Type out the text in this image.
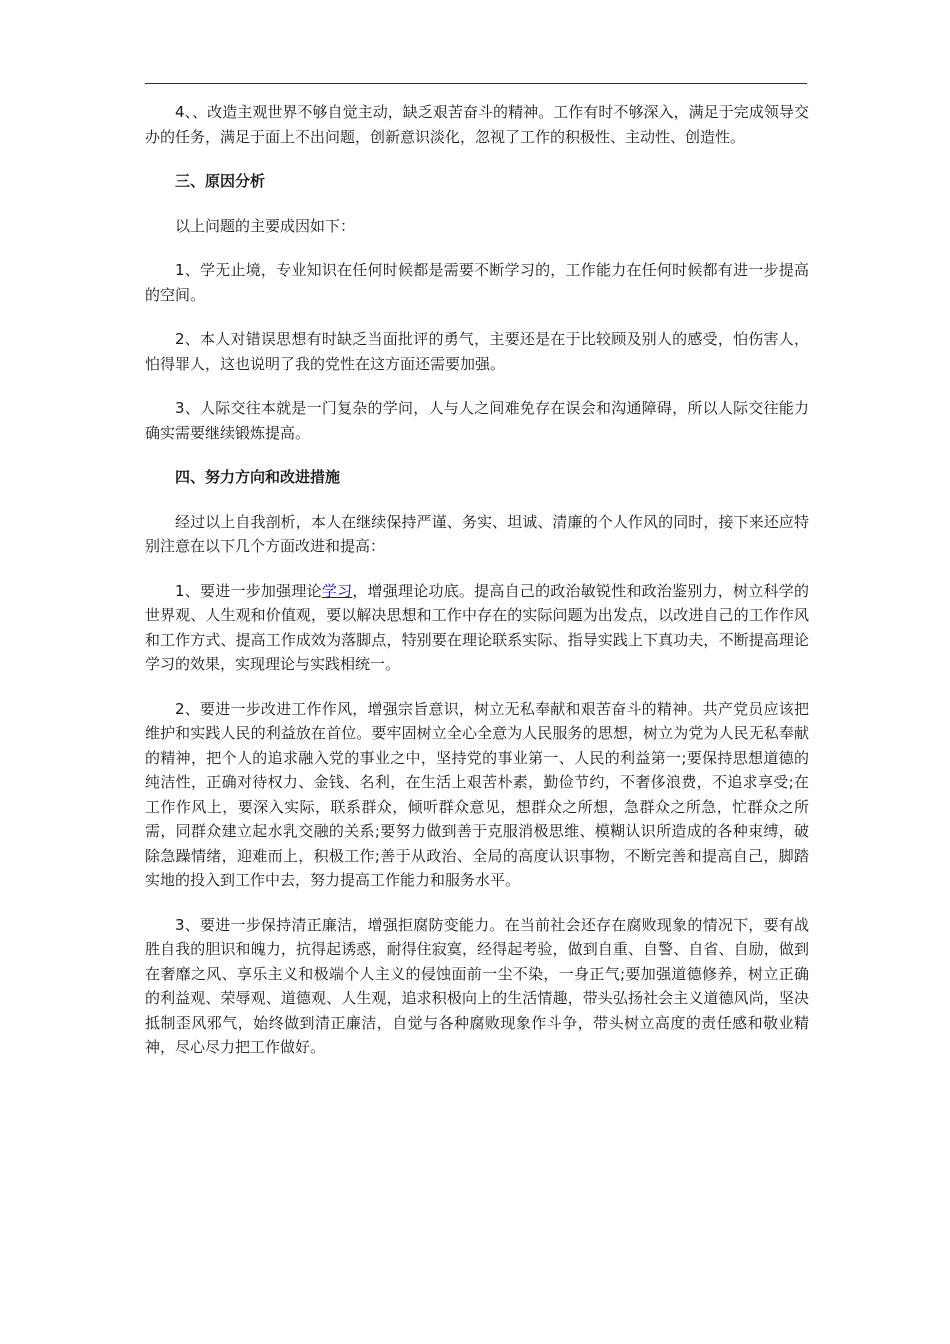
4、、改造主观世界不够自觉主动，缺乏艰苦奋斗的精神。工作有时不够深入，满足于完成领导交办的任务，满足于面上不出问题，创新意识淡化，忽视了工作的积极性、主动性、创造性。

三、原因分析

以上问题的主要成因如下：

1、学无止境，专业知识在任何时候都是需要不断学习的，工作能力在任何时候都有进一步提高的空间。

2、本人对错误思想有时缺乏当面批评的勇气，主要还是在于比较顾及别人的感受，怕伤害人，怕得罪人，这也说明了我的党性在这方面还需要加强。

3、人际交往本就是一门复杂的学问，人与人之间难免存在误会和沟通障碍，所以人际交往能力确实需要继续锻炼提高。

四、努力方向和改进措施

经过以上自我剖析，本人在继续保持严谨、务实、坦诚、清廉的个人作风的同时，接下来还应特别注意在以下几个方面改进和提高：

1、要进一步加强理论学习，增强理论功底。提高自己的政治敏锐性和政治鉴别力，树立科学的世界观、人生观和价值观，要以解决思想和工作中存在的实际问题为出发点，以改进自己的工作作风和工作方式、提高工作成效为落脚点，特别要在理论联系实际、指导实践上下真功夫，不断提高理论学习的效果，实现理论与实践相统一。

2、要进一步改进工作作风，增强宗旨意识，树立无私奉献和艰苦奋斗的精神。共产党员应该把维护和实践人民的利益放在首位。要牢固树立全心全意为人民服务的思想，树立为党为人民无私奉献的精神，把个人的追求融入党的事业之中，坚持党的事业第一、人民的利益第一;要保持思想道德的纯洁性，正确对待权力、金钱、名利，在生活上艰苦朴素，勤俭节约，不奢侈浪费，不追求享受;在工作作风上，要深入实际，联系群众，倾听群众意见，想群众之所想，急群众之所急，忙群众之所需，同群众建立起水乳交融的关系;要努力做到善于克服消极思维、模糊认识所造成的各种束缚，破除急躁情绪，迎难而上，积极工作;善于从政治、全局的高度认识事物，不断完善和提高自己，脚踏实地的投入到工作中去，努力提高工作能力和服务水平。

3、要进一步保持清正廉洁，增强拒腐防变能力。在当前社会还存在腐败现象的情况下，要有战胜自我的胆识和魄力，抗得起诱惑，耐得住寂寞，经得起考验，做到自重、自警、自省、自励，做到在奢靡之风、享乐主义和极端个人主义的侵蚀面前一尘不染，一身正气;要加强道德修养，树立正确的利益观、荣辱观、道德观、人生观，追求积极向上的生活情趣，带头弘扬社会主义道德风尚，坚决抵制歪风邪气，始终做到清正廉洁，自觉与各种腐败现象作斗争，带头树立高度的责任感和敬业精神，尽心尽力把工作做好。
